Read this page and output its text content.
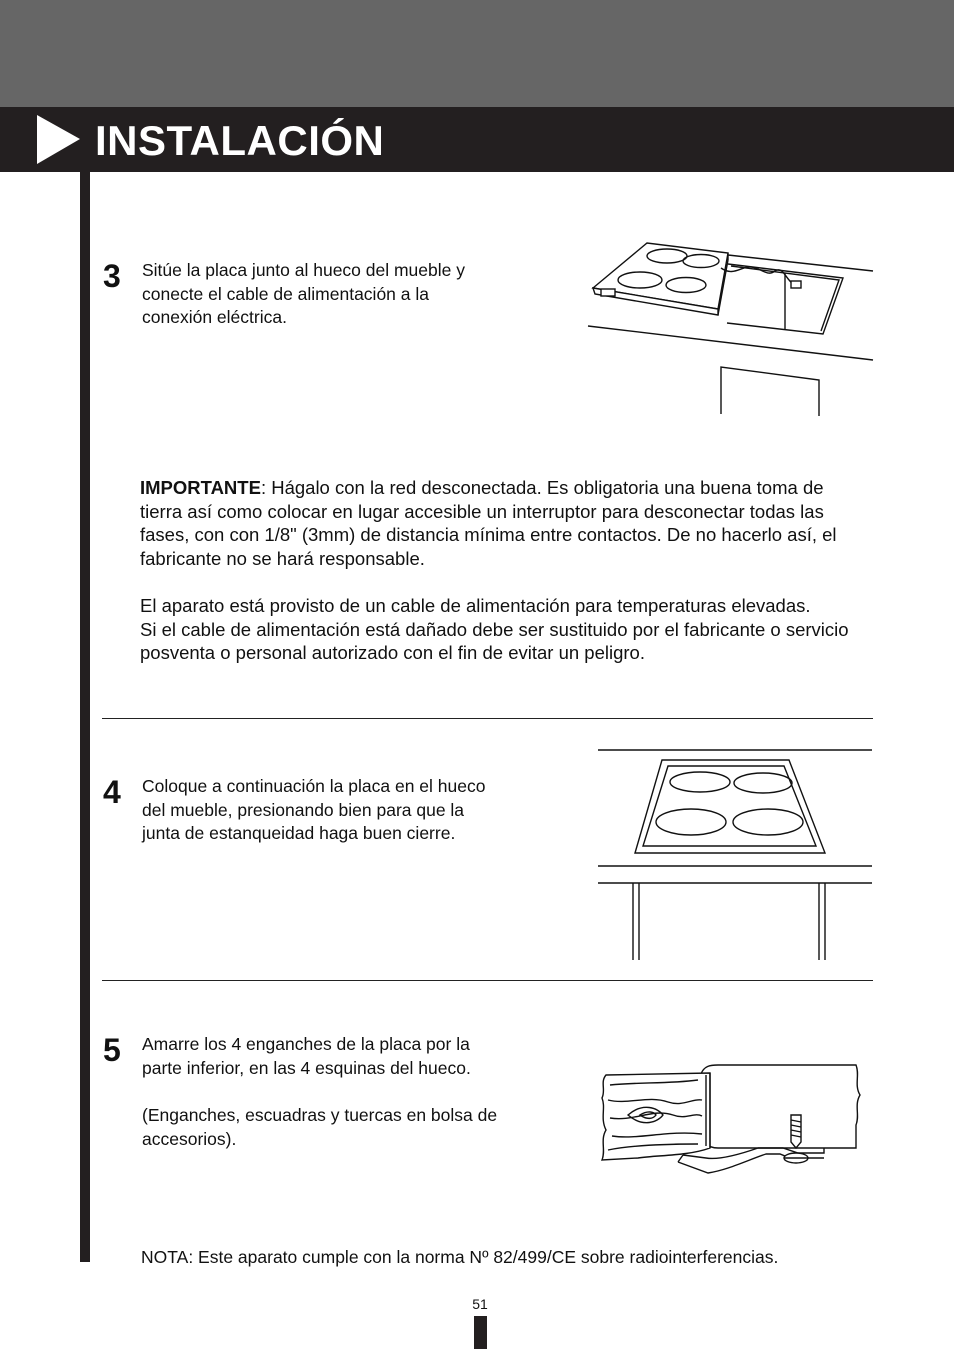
INSTALACIÓN
3 Sitúe la placa junto al hueco del mueble y
conecte el cable de alimentación a la
conexión eléctrica.

IMPORTANTE: Hágalo con la red desconectada. Es obligatoria una buena toma de

tierra así como colocar en lugar accesible un interruptor para desconectar todas las

fases, con con 1/8" (3mm) de distancia mínima entre contactos. De no hacerlo así, el

fabricante no se hará responsable.

El aparato está provisto de un cable de alimentación para temperaturas elevadas.

Si el cable de alimentación está dañado debe ser sustituido por el fabricante o servicio

posventa o personal autorizado con el fin de evitar un peligro.

4 Coloque a continuación la placa en el hueco
del mueble, presionando bien para que la
junta de estanqueidad haga buen cierre.
5 Amarre los 4 enganches de la placa por la
parte inferior, en las 4 esquinas del hueco.
(Enganches, escuadras y tuercas en bolsa de
accesorios).
NOTA: Este aparato cumple con la norma Nº 82/499/CE sobre radiointerferencias.
51
